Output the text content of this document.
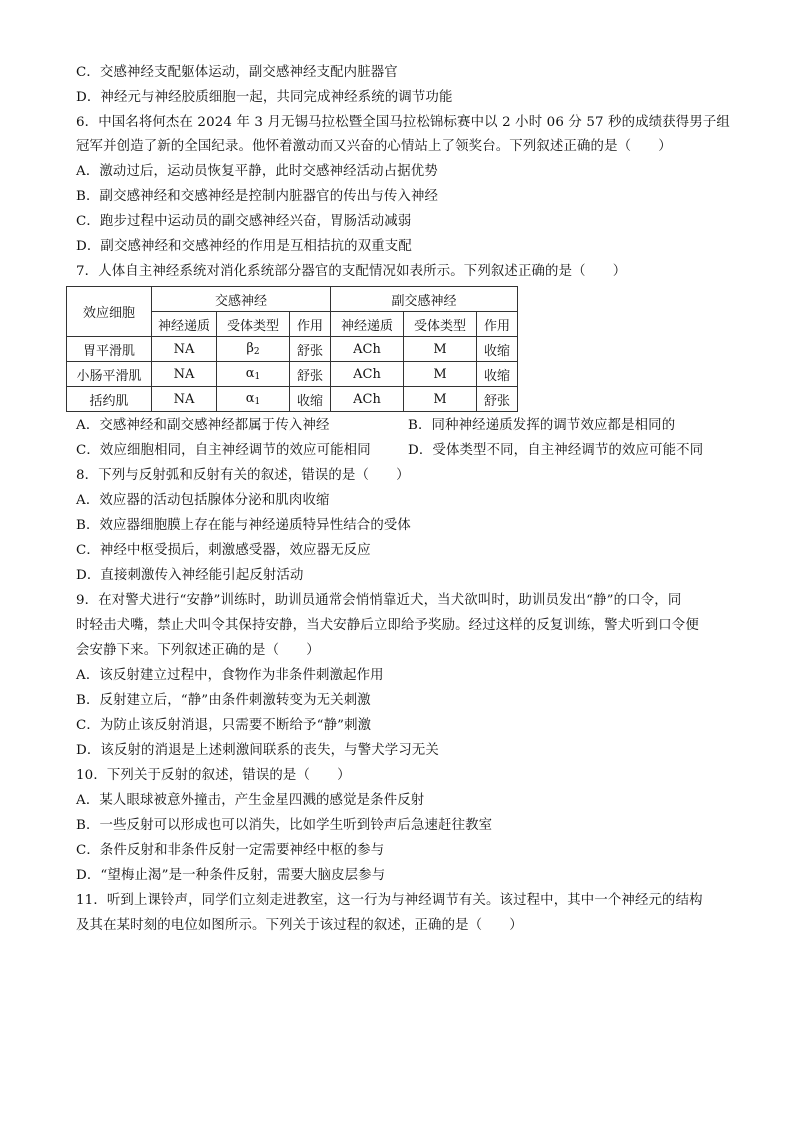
C．交感神经支配躯体运动，副交感神经支配内脏器官
D．神经元与神经胶质细胞一起，共同完成神经系统的调节功能
6．中国名将何杰在 2024 年 3 月无锡马拉松暨全国马拉松锦标赛中以 2 小时 06 分 57 秒的成绩获得男子组
冠军并创造了新的全国纪录。他怀着激动而又兴奋的心情站上了领奖台。下列叙述正确的是（　　）
A．激动过后，运动员恢复平静，此时交感神经活动占据优势
B．副交感神经和交感神经是控制内脏器官的传出与传入神经
C．跑步过程中运动员的副交感神经兴奋，胃肠活动减弱
D．副交感神经和交感神经的作用是互相拮抗的双重支配
7．人体自主神经系统对消化系统部分器官的支配情况如表所示。下列叙述正确的是（　　）
效应细胞	交感神经			副交感神经		
	神经递质	受体类型	作用	神经递质	受体类型	作用
胃平滑肌	NA	$\beta_2$	舒张	ACh	M	收缩
小肠平滑肌	NA	$\alpha_1$	舒张	ACh	M	收缩
括约肌	NA	$\alpha_1$	收缩	ACh	M	舒张
A．交感神经和副交感神经都属于传入神经	B．同种神经递质发挥的调节效应都是相同的
C．效应细胞相同，自主神经调节的效应可能相同	D．受体类型不同，自主神经调节的效应可能不同
8．下列与反射弧和反射有关的叙述，错误的是（　　）
A．效应器的活动包括腺体分泌和肌肉收缩
B．效应器细胞膜上存在能与神经递质特异性结合的受体
C．神经中枢受损后，刺激感受器，效应器无反应
D．直接刺激传入神经能引起反射活动
9．在对警犬进行“安静”训练时，助训员通常会悄悄靠近犬，当犬欲叫时，助训员发出“静”的口令，同
时轻击犬嘴，禁止犬叫令其保持安静，当犬安静后立即给予奖励。经过这样的反复训练，警犬听到口令便
会安静下来。下列叙述正确的是（　　）
A．该反射建立过程中，食物作为非条件刺激起作用
B．反射建立后，“静”由条件刺激转变为无关刺激
C．为防止该反射消退，只需要不断给予“静”刺激
D．该反射的消退是上述刺激间联系的丧失，与警犬学习无关
10．下列关于反射的叙述，错误的是（　　）
A．某人眼球被意外撞击，产生金星四溅的感觉是条件反射
B．一些反射可以形成也可以消失，比如学生听到铃声后急速赶往教室
C．条件反射和非条件反射一定需要神经中枢的参与
D．“望梅止渴”是一种条件反射，需要大脑皮层参与
11．听到上课铃声，同学们立刻走进教室，这一行为与神经调节有关。该过程中，其中一个神经元的结构
及其在某时刻的电位如图所示。下列关于该过程的叙述，正确的是（　　）
